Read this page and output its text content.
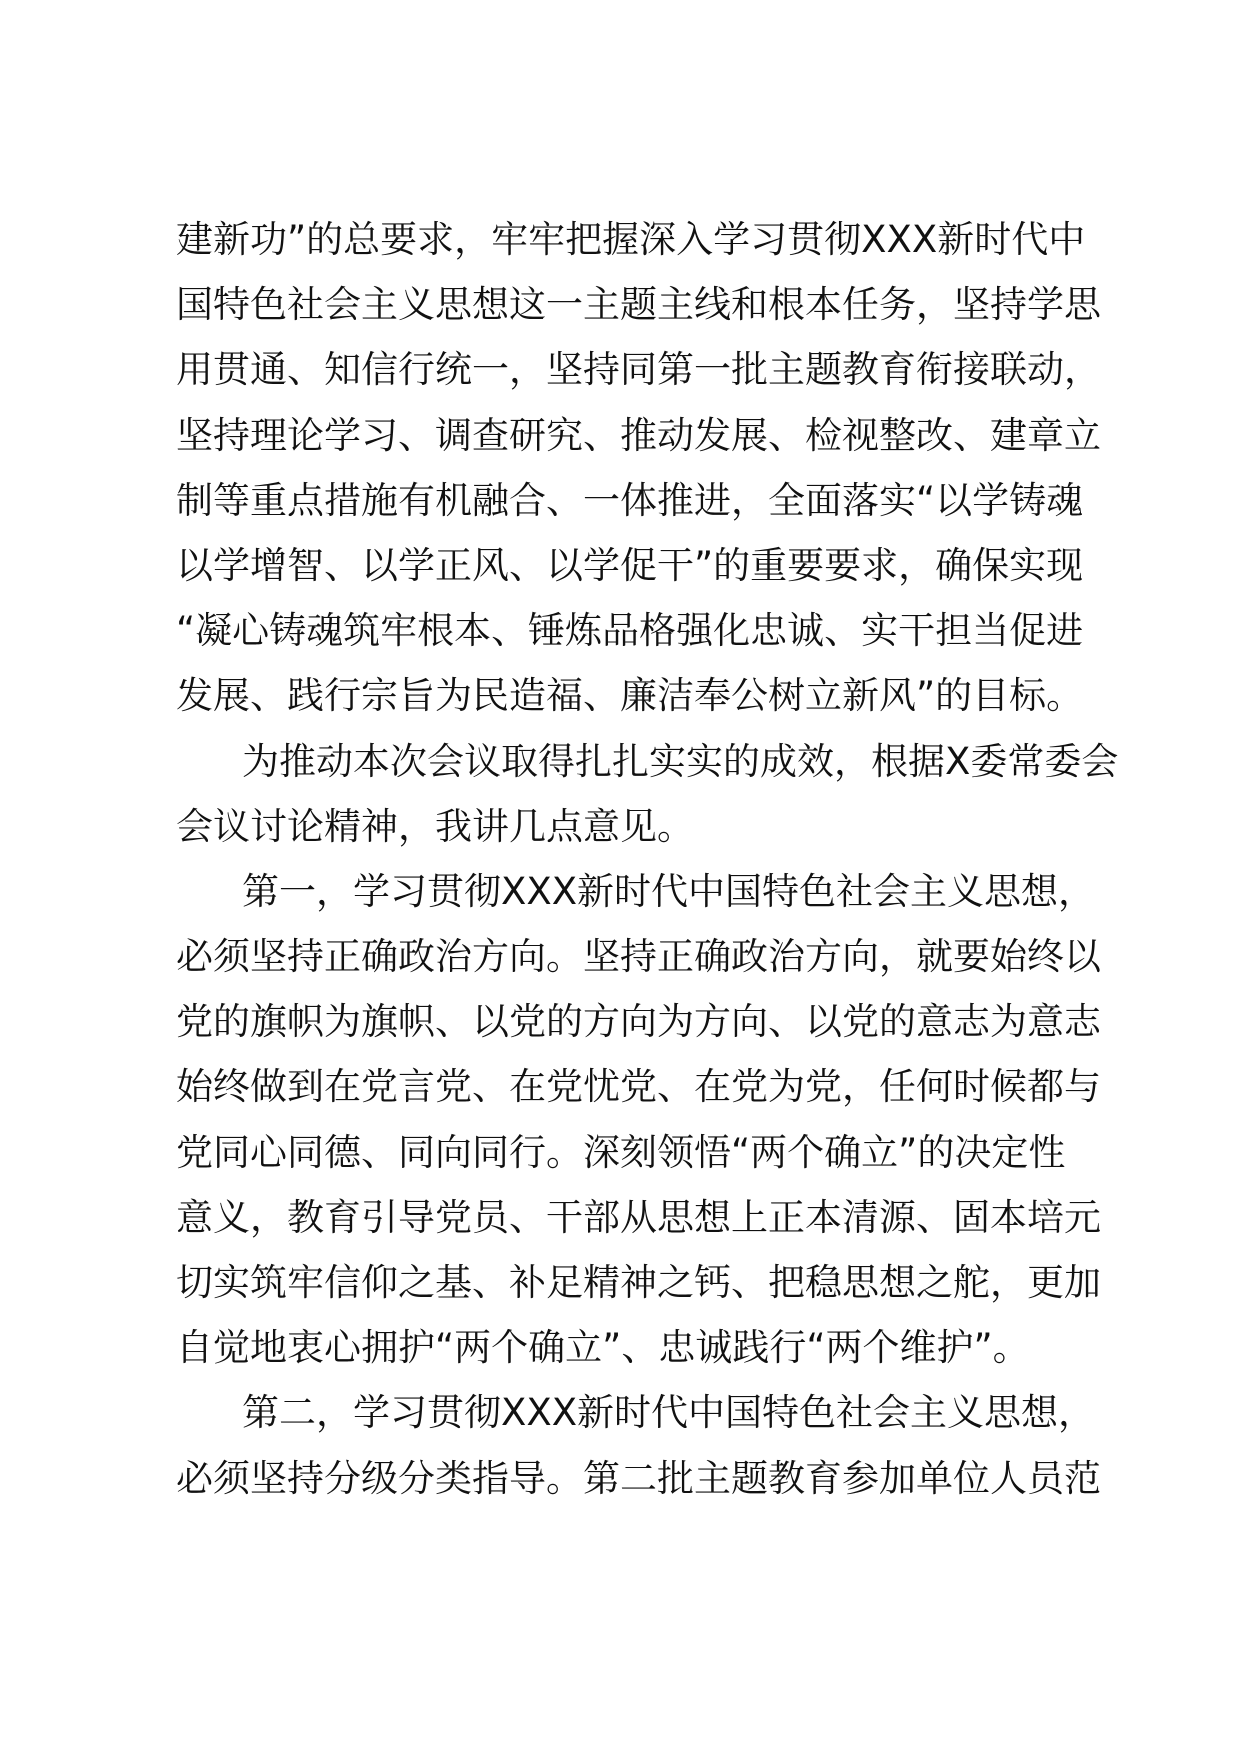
建新功”的总要求，牢牢把握深入学习贯彻XXX新时代中
国特色社会主义思想这一主题主线和根本任务，坚持学思
用贯通、知信行统一，坚持同第一批主题教育衔接联动，
坚持理论学习、调查研究、推动发展、检视整改、建章立
制等重点措施有机融合、一体推进，全面落实“以学铸魂
以学增智、以学正风、以学促干”的重要要求，确保实现
“凝心铸魂筑牢根本、锤炼品格强化忠诚、实干担当促进
发展、践行宗旨为民造福、廉洁奉公树立新风”的目标。
为推动本次会议取得扎扎实实的成效，根据X委常委会
会议讨论精神，我讲几点意见。
第一，学习贯彻XXX新时代中国特色社会主义思想，
必须坚持正确政治方向。坚持正确政治方向，就要始终以
党的旗帜为旗帜、以党的方向为方向、以党的意志为意志
始终做到在党言党、在党忧党、在党为党，任何时候都与
党同心同德、同向同行。深刻领悟“两个确立”的决定性
意义，教育引导党员、干部从思想上正本清源、固本培元
切实筑牢信仰之基、补足精神之钙、把稳思想之舵，更加
自觉地衷心拥护“两个确立”、忠诚践行“两个维护”。
第二，学习贯彻XXX新时代中国特色社会主义思想，
必须坚持分级分类指导。第二批主题教育参加单位人员范
